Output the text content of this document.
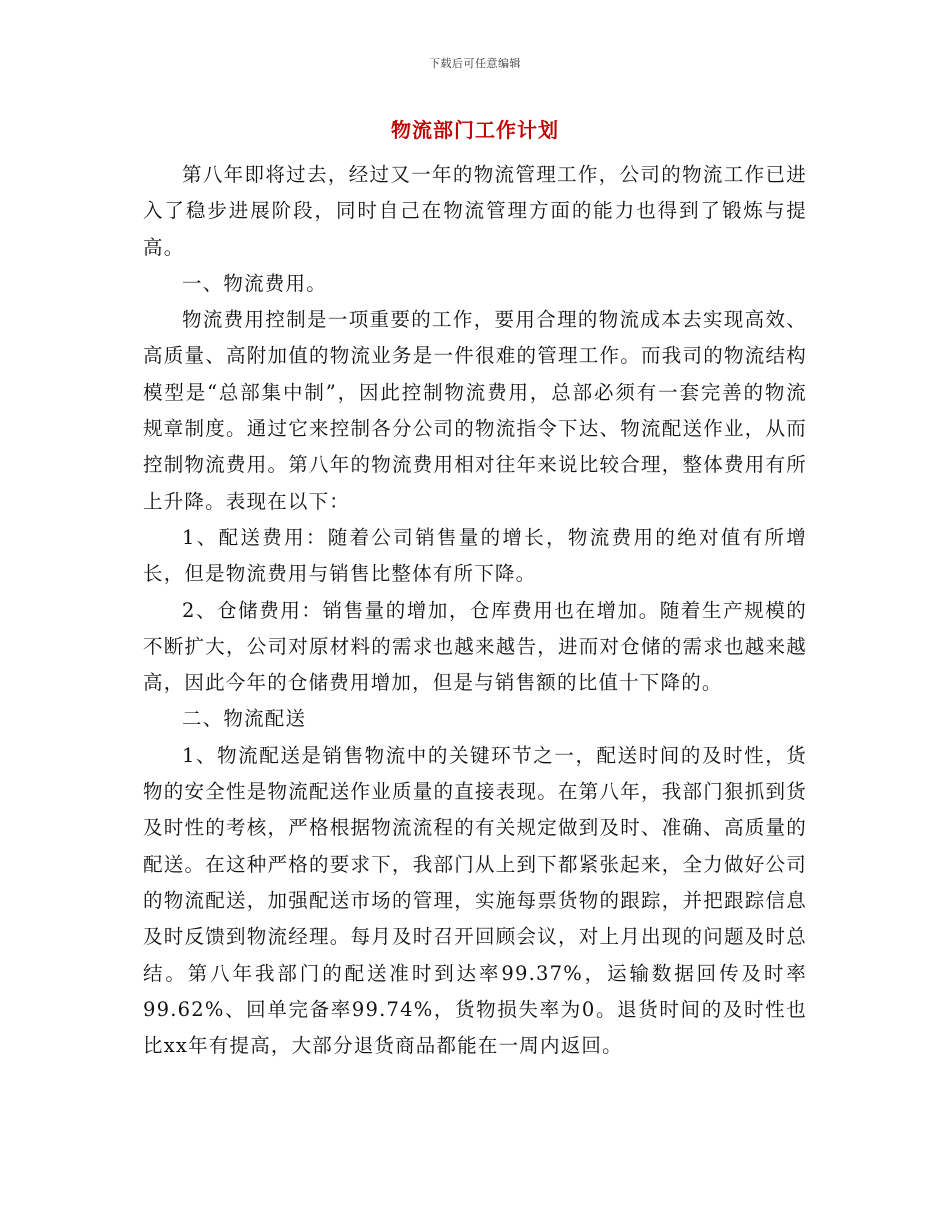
下载后可任意编辑
物流部门工作计划

第八年即将过去，经过又一年的物流管理工作，公司的物流工作已进入了稳步进展阶段，同时自己在物流管理方面的能力也得到了锻炼与提高。

一、物流费用。

物流费用控制是一项重要的工作，要用合理的物流成本去实现高效、高质量、高附加值的物流业务是一件很难的管理工作。而我司的物流结构模型是“总部集中制”，因此控制物流费用，总部必须有一套完善的物流规章制度。通过它来控制各分公司的物流指令下达、物流配送作业，从而控制物流费用。第八年的物流费用相对往年来说比较合理，整体费用有所上升降。表现在以下：

1、配送费用：随着公司销售量的增长，物流费用的绝对值有所增长，但是物流费用与销售比整体有所下降。

2、仓储费用：销售量的增加，仓库费用也在增加。随着生产规模的不断扩大，公司对原材料的需求也越来越告，进而对仓储的需求也越来越高，因此今年的仓储费用增加，但是与销售额的比值十下降的。

二、物流配送

1、物流配送是销售物流中的关键环节之一，配送时间的及时性，货物的安全性是物流配送作业质量的直接表现。在第八年，我部门狠抓到货及时性的考核，严格根据物流流程的有关规定做到及时、准确、高质量的配送。在这种严格的要求下，我部门从上到下都紧张起来，全力做好公司的物流配送，加强配送市场的管理，实施每票货物的跟踪，并把跟踪信息及时反馈到物流经理。每月及时召开回顾会议，对上月出现的问题及时总结。第八年我部门的配送准时到达率99.37%，运输数据回传及时率99.62%、回单完备率99.74%，货物损失率为0。退货时间的及时性也比xx年有提高，大部分退货商品都能在一周内返回。
